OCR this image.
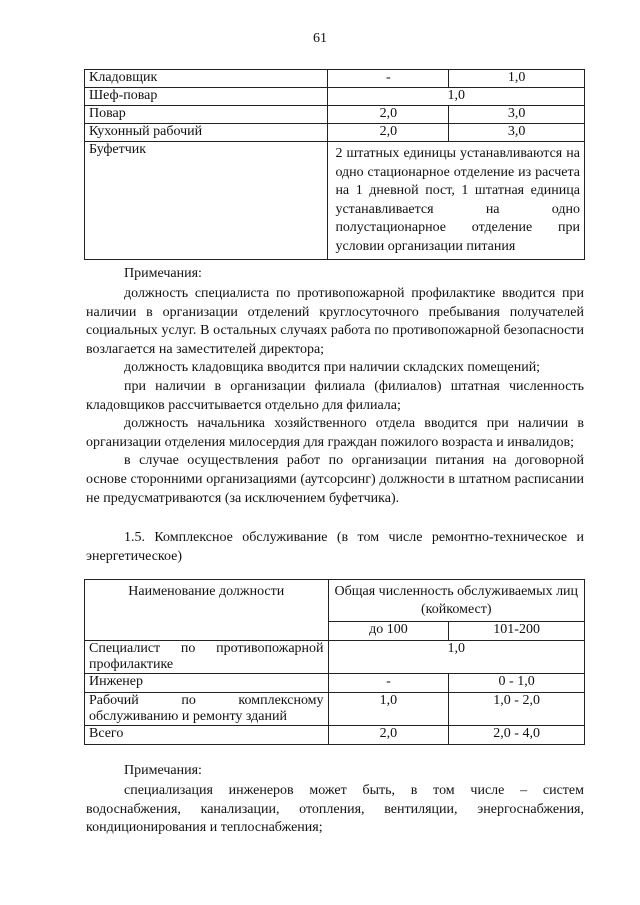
61
Кладовщик	-	1,0
Шеф-повар	1,0	
Повар	2,0	3,0
Кухонный рабочий	2,0	3,0
Буфетчик	2 штатных единицы устанавливаются на одно стационарное отделение из расчета на 1 дневной пост, 1 штатная единица устанавливается на одно полустационарное отделение при условии организации питания	
Примечания:

должность специалиста по противопожарной профилактике вводится при наличии в организации отделений круглосуточного пребывания получателей социальных услуг. В остальных случаях работа по противопожарной безопасности возлагается на заместителей директора;

должность кладовщика вводится при наличии складских помещений;

при наличии в организации филиала (филиалов) штатная численность кладовщиков рассчитывается отдельно для филиала;

должность начальника хозяйственного отдела вводится при наличии в организации отделения милосердия для граждан пожилого возраста и инвалидов;

в случае осуществления работ по организации питания на договорной основе сторонними организациями (аутсорсинг) должности в штатном расписании не предусматриваются (за исключением буфетчика).

1.5. Комплексное обслуживание (в том числе ремонтно-техническое и энергетическое)

Наименование должности	Общая численность обслуживаемых лиц (койкомест)	
	до 100	101-200
Специалист по противопожарной профилактике	1,0	
Инженер	-	0 - 1,0
Рабочий по комплексному обслуживанию и ремонту зданий	1,0	1,0 - 2,0
Всего	2,0	2,0 - 4,0
Примечания:

специализация инженеров может быть, в том числе – систем водоснабжения, канализации, отопления, вентиляции, энергоснабжения, кондиционирования и теплоснабжения;
